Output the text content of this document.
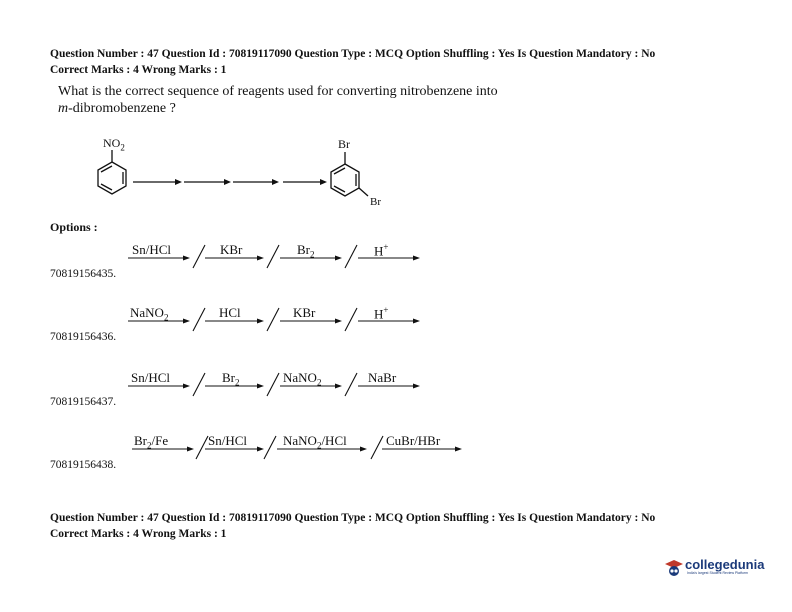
Question Number : 47 Question Id : 70819117090 Question Type : MCQ Option Shuffling : Yes Is Question Mandatory : No
Correct Marks : 4 Wrong Marks : 1
What is the correct sequence of reagents used for converting nitrobenzene into
m-dibromobenzene ?
$NO_2$	Br
Br
Options :
Sn/HCl	KBr	$Br_2$	H+
70819156435.
NaNO$_2$	HCl	KBr	H+
70819156436.
Sn/HCl	$Br_2$	NaNO$_2$	NaBr
70819156437.
$Br_2/Fe$	Sn/HCl	NaNO$_2$/HCl	CuBr/HBr
70819156438.
Question Number : 47 Question Id : 70819117090 Question Type : MCQ Option Shuffling : Yes Is Question Mandatory : No
Correct Marks : 4 Wrong Marks : 1
collegedunia
India's largest Student Review Platform
